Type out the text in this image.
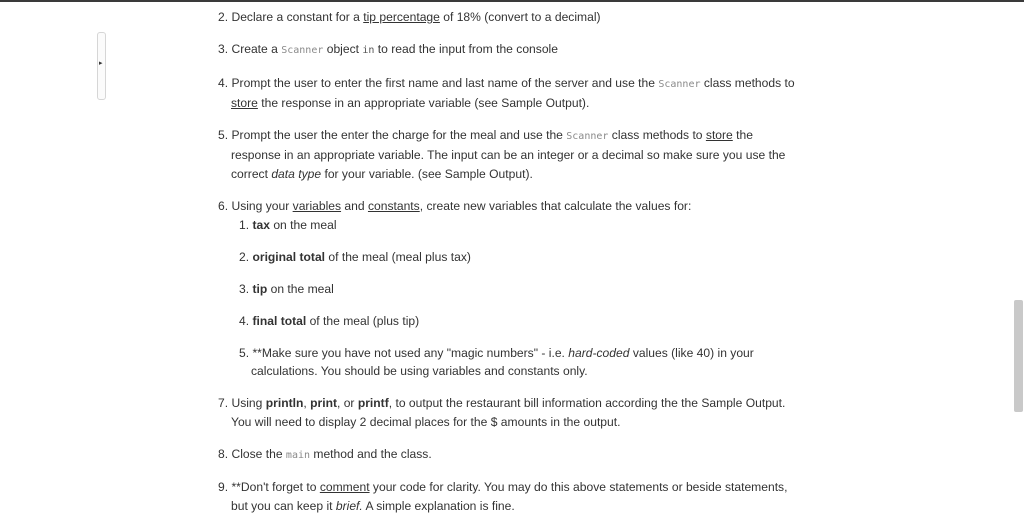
▸
2. Declare a constant for a tip percentage of 18% (convert to a decimal)
3. Create a Scanner object in to read the input from the console
4. Prompt the user to enter the first name and last name of the server and use the Scanner class methods to
store the response in an appropriate variable (see Sample Output).
5. Prompt the user the enter the charge for the meal and use the Scanner class methods to store the
response in an appropriate variable. The input can be an integer or a decimal so make sure you use the
correct data type for your variable. (see Sample Output).
6. Using your variables and constants, create new variables that calculate the values for:
1. tax on the meal
2. original total of the meal (meal plus tax)
3. tip on the meal
4. final total of the meal (plus tip)
5. **Make sure you have not used any "magic numbers" - i.e. hard-coded values (like 40) in your
calculations. You should be using variables and constants only.
7. Using println, print, or printf, to output the restaurant bill information according the the Sample Output.
You will need to display 2 decimal places for the $ amounts in the output.
8. Close the main method and the class.
9. **Don't forget to comment your code for clarity. You may do this above statements or beside statements,
but you can keep it brief. A simple explanation is fine.
